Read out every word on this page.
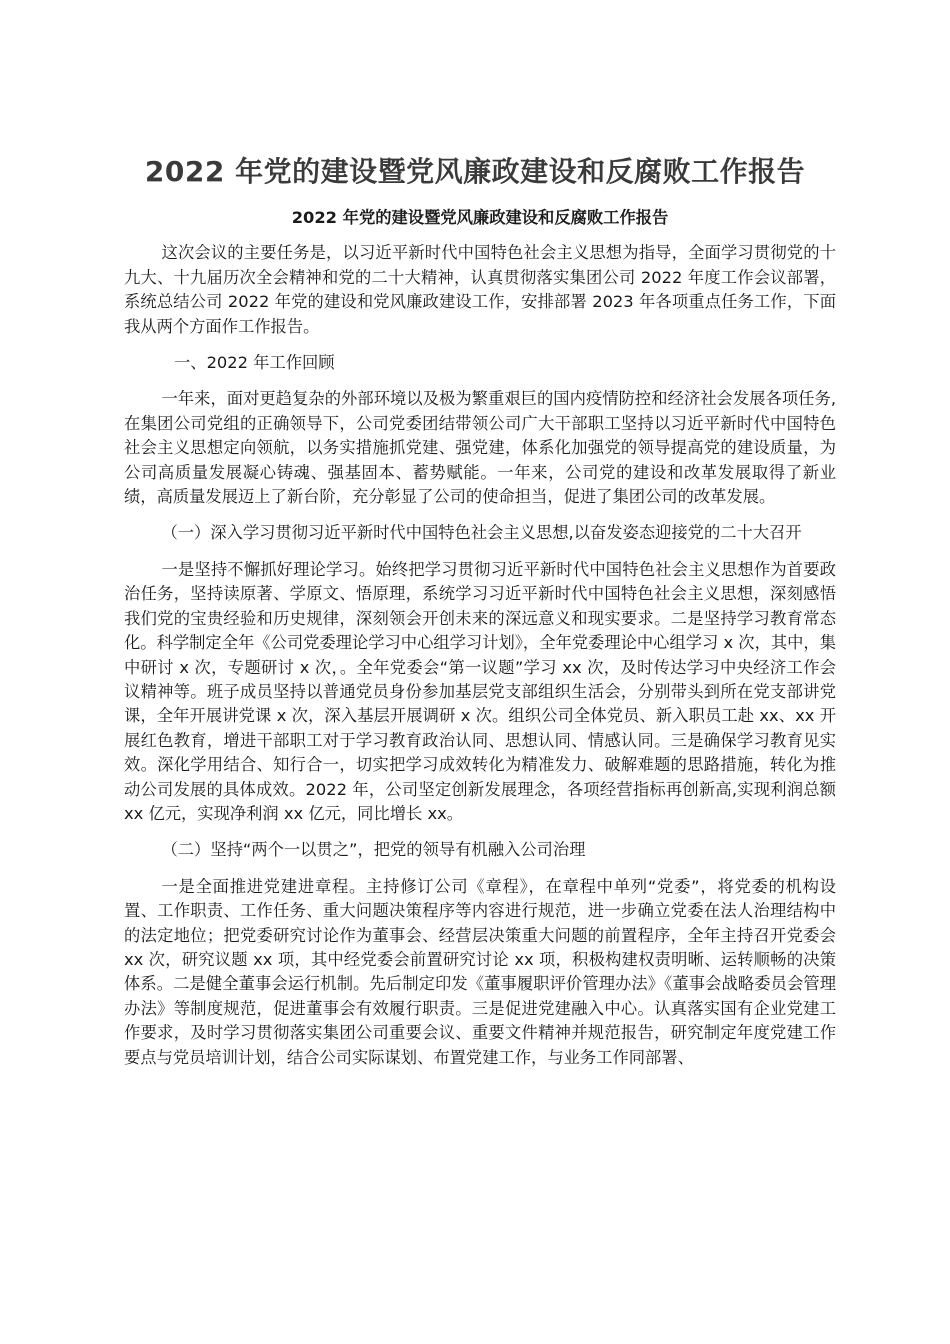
2022 年党的建设暨党风廉政建设和反腐败工作报告
2022 年党的建设暨党风廉政建设和反腐败工作报告
这次会议的主要任务是，以习近平新时代中国特色社会主义思想为指导，全面学习贯彻党的十九大、十九届历次全会精神和党的二十大精神，认真贯彻落实集团公司 2022 年度工作会议部署，系统总结公司 2022 年党的建设和党风廉政建设工作，安排部署 2023 年各项重点任务工作，下面我从两个方面作工作报告。
一、2022 年工作回顾
一年来，面对更趋复杂的外部环境以及极为繁重艰巨的国内疫情防控和经济社会发展各项任务,在集团公司党组的正确领导下，公司党委团结带领公司广大干部职工坚持以习近平新时代中国特色社会主义思想定向领航，以务实措施抓党建、强党建，体系化加强党的领导提高党的建设质量，为公司高质量发展凝心铸魂、强基固本、蓄势赋能。一年来，公司党的建设和改革发展取得了新业绩，高质量发展迈上了新台阶，充分彰显了公司的使命担当，促进了集团公司的改革发展。
（一）深入学习贯彻习近平新时代中国特色社会主义思想,以奋发姿态迎接党的二十大召开
一是坚持不懈抓好理论学习。始终把学习贯彻习近平新时代中国特色社会主义思想作为首要政治任务，坚持读原著、学原文、悟原理，系统学习习近平新时代中国特色社会主义思想，深刻感悟我们党的宝贵经验和历史规律，深刻领会开创未来的深远意义和现实要求。二是坚持学习教育常态化。科学制定全年《公司党委理论学习中心组学习计划》，全年党委理论中心组学习 x 次，其中，集中研讨 x 次，专题研讨 x 次，。全年党委会“第一议题”学习 xx 次，及时传达学习中央经济工作会议精神等。班子成员坚持以普通党员身份参加基层党支部组织生活会，分别带头到所在党支部讲党课，全年开展讲党课 x 次，深入基层开展调研 x 次。组织公司全体党员、新入职员工赴 xx、xx 开展红色教育，增进干部职工对于学习教育政治认同、思想认同、情感认同。三是确保学习教育见实效。深化学用结合、知行合一，切实把学习成效转化为精准发力、破解难题的思路措施，转化为推动公司发展的具体成效。2022 年，公司坚定创新发展理念，各项经营指标再创新高,实现利润总额 xx 亿元，实现净利润 xx 亿元，同比增长 xx。
（二）坚持“两个一以贯之”，把党的领导有机融入公司治理
一是全面推进党建进章程。主持修订公司《章程》，在章程中单列“党委”，将党委的机构设置、工作职责、工作任务、重大问题决策程序等内容进行规范，进一步确立党委在法人治理结构中的法定地位；把党委研究讨论作为董事会、经营层决策重大问题的前置程序，全年主持召开党委会 xx 次，研究议题 xx 项，其中经党委会前置研究讨论 xx 项，积极构建权责明晰、运转顺畅的决策体系。二是健全董事会运行机制。先后制定印发《董事履职评价管理办法》《董事会战略委员会管理办法》等制度规范，促进董事会有效履行职责。三是促进党建融入中心。认真落实国有企业党建工作要求，及时学习贯彻落实集团公司重要会议、重要文件精神并规范报告，研究制定年度党建工作要点与党员培训计划，结合公司实际谋划、布置党建工作，与业务工作同部署、
